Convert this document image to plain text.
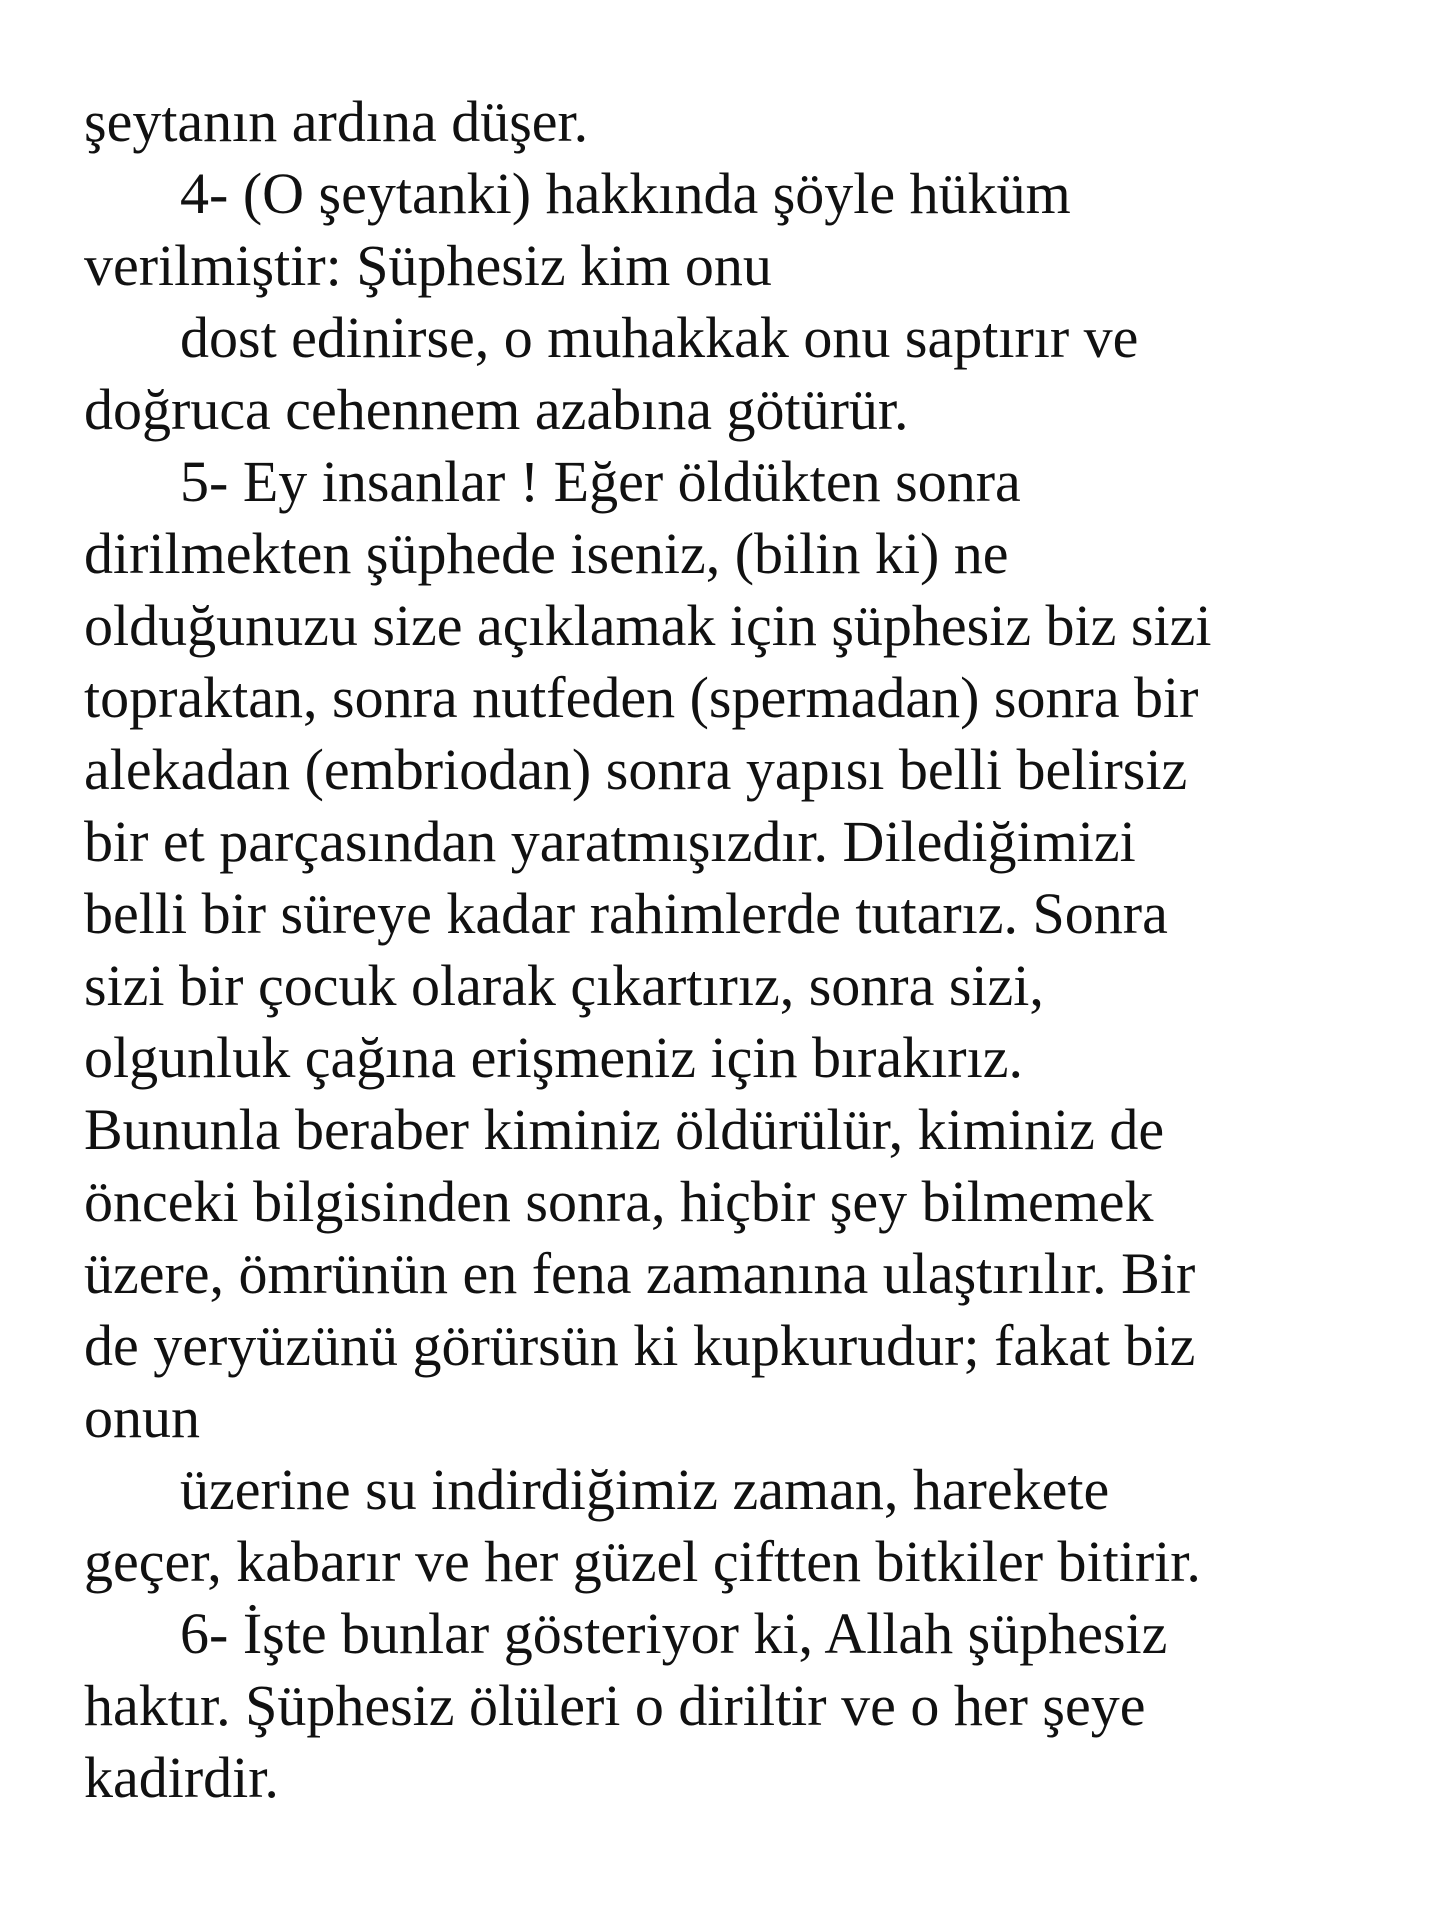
şeytanın ardına düşer.
4- (O şeytanki) hakkında şöyle hüküm
verilmiştir: Şüphesiz kim onu
dost edinirse, o muhakkak onu saptırır ve
doğruca cehennem azabına götürür.
5- Ey insanlar ! Eğer öldükten sonra
dirilmekten şüphede iseniz, (bilin ki) ne
olduğunuzu size açıklamak için şüphesiz biz sizi
topraktan, sonra nutfeden (spermadan) sonra bir
alekadan (embriodan) sonra yapısı belli belirsiz
bir et parçasından yaratmışızdır. Dilediğimizi
belli bir süreye kadar rahimlerde tutarız. Sonra
sizi bir çocuk olarak çıkartırız, sonra sizi,
olgunluk çağına erişmeniz için bırakırız.
Bununla beraber kiminiz öldürülür, kiminiz de
önceki bilgisinden sonra, hiçbir şey bilmemek
üzere, ömrünün en fena zamanına ulaştırılır. Bir
de yeryüzünü görürsün ki kupkurudur; fakat biz
onun
üzerine su indirdiğimiz zaman, harekete
geçer, kabarır ve her güzel çiftten bitkiler bitirir.
6- İşte bunlar gösteriyor ki, Allah şüphesiz
haktır. Şüphesiz ölüleri o diriltir ve o her şeye
kadirdir.
